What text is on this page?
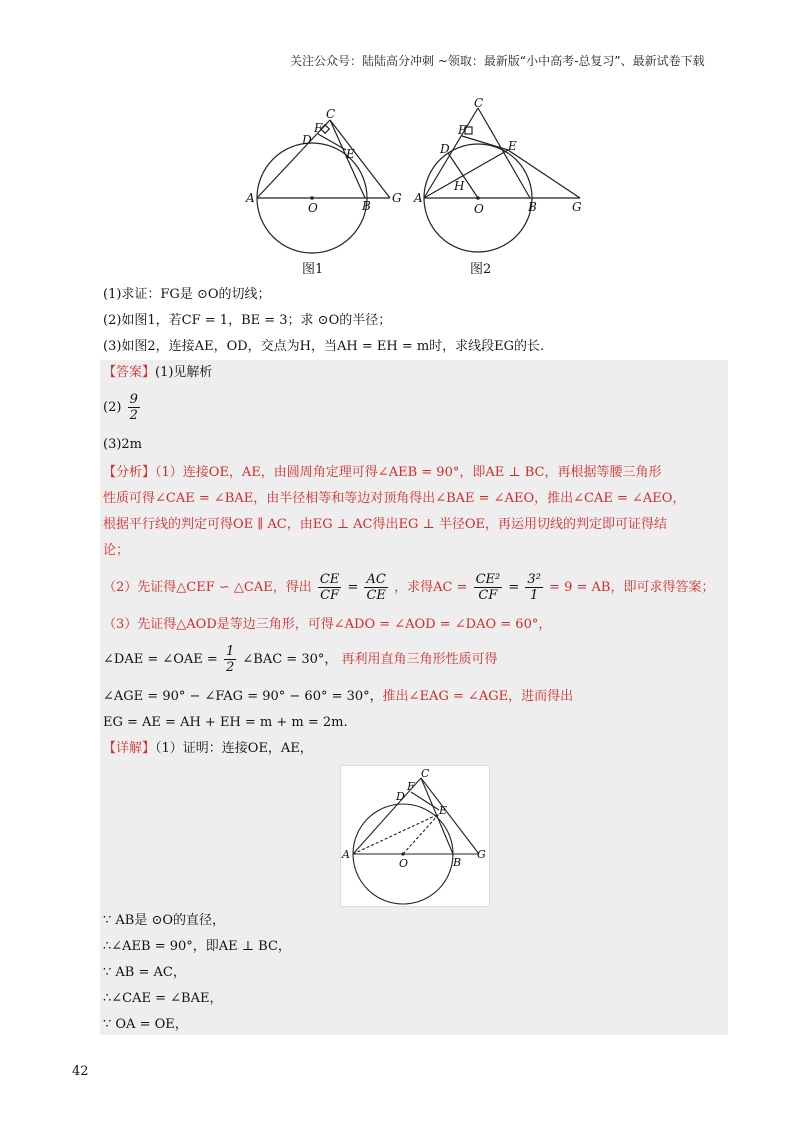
关注公众号：陆陆高分冲刺 ~领取：最新版“小中高考-总复习”、最新试卷下载
A
O	B
G
C
D
F
E
A
O	B	G
C
D
F
E
H
图1	图2
(1)求证：FG是 ⊙O的切线；
(2)如图1，若CF = 1，BE = 3；求 ⊙O的半径；
(3)如图2，连接AE，OD，交点为H，当AH = EH = m时，求线段EG的长.
【答案】(1)见解析
$(2) \frac{9}{2}$
(3)2m
【分析】（1）连接OE，AE，由圆周角定理可得∠AEB = 90°，即AE ⊥ BC，再根据等腰三角形
性质可得∠CAE = ∠BAE，由半径相等和等边对顶角得出∠BAE = ∠AEO，推出∠CAE = ∠AEO，
根据平行线的判定可得OE ∥ AC，由EG ⊥ AC得出EG ⊥ 半径OE，再运用切线的判定即可证得结
论；
（2）先证得△CEF ∽ △CAE，得出 $\frac{CE}{CF} = \frac{AC}{CE}$ ，求得AC = $\frac{\text{CE²}}{CF} = \frac{\text{3²}}{1} = 9$ = AB，即可求得答案；
（3）先证得△AOD是等边三角形，可得∠ADO = ∠AOD = ∠DAO = 60°，
∠DAE = ∠OAE = $\frac{1}{2}$ ∠BAC = 30°， 再利用直角三角形性质可得
∠AGE = 90° − ∠FAG = 90° − 60° = 30°，推出∠EAG = ∠AGE，进而得出
EG = AE = AH + EH = m + m = 2m.
【详解】（1）证明：连接OE，AE，
A
O	B
G
C
D
F
E
∵ AB是 ⊙O的直径，
∴∠AEB = 90°，即AE ⊥ BC，
∵ AB = AC，
∴∠CAE = ∠BAE，
∵ OA = OE，
42
